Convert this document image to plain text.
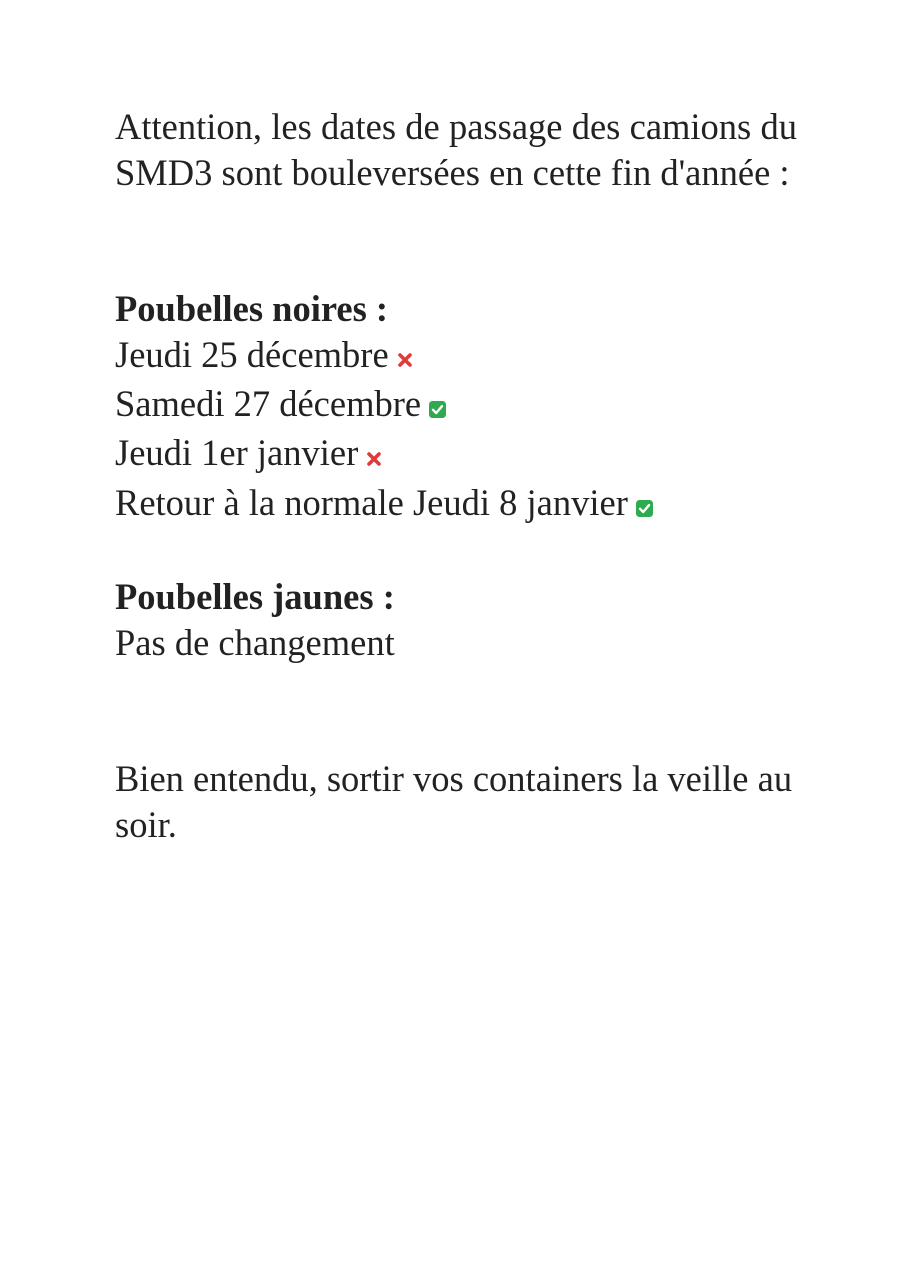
Attention, les dates de passage des camions du SMD3 sont bouleversées en cette fin d'année :

Poubelles noires :

Jeudi 25 décembre

Samedi 27 décembre

Jeudi 1er janvier

Retour à la normale Jeudi 8 janvier

Poubelles jaunes :

Pas de changement

Bien entendu, sortir vos containers la veille au soir.
